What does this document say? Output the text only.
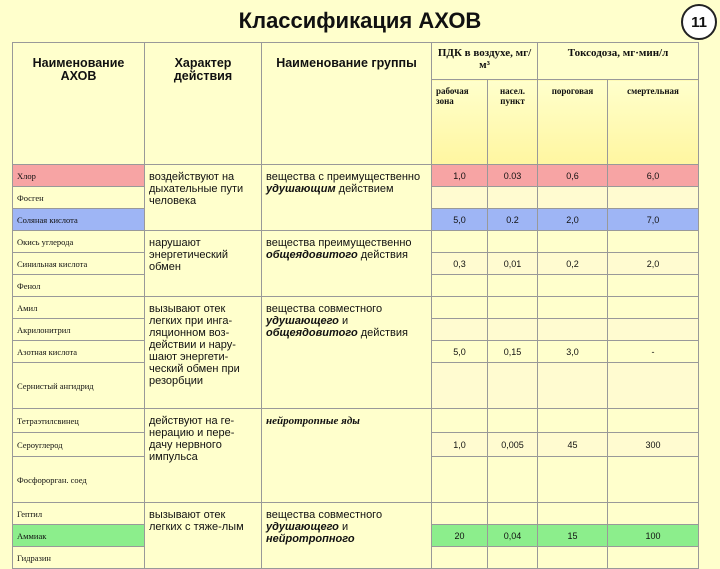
Классификация АХОВ	11
Наименование АХОВ	Характер действия	Наименование группы	ПДК в воздухе, мг/м³		Токсодоза, мг·мин/л	
			рабочая зона	насел. пункт	пороговая	смертельная
Хлор	воздействуют на дыхательные пути человека	вещества с преимущественно удушающим действием	1,0	0.03	0,6	6,0
Фосген						
Соляная кислота			5,0	0.2	2,0	7,0
Окись углерода	нарушают энергетический обмен	вещества преимущественно общеядовитого действия				
Синильная кислота			0,3	0,01	0,2	2,0
Фенол						
Амил	вызывают отек легких при инга-ляционном воз-действии и нару-шают энергети-ческий обмен при резорбции	вещества совместного удушающего и общеядовитого действия				
Акрилонитрил						
Азотная кислота			5,0	0,15	3,0	-
Сернистый ангидрид						
Тетраэтилсвинец	действуют на ге-нерацию и пере-дачу нервного импульса	нейротропные яды				
Сероуглерод			1,0	0,005	45	300
Фосфорорган. соед						
Гептил	вызывают отек легких с тяже-лым	вещества совместного удушающего и нейротропного				
Аммиак			20	0,04	15	100
Гидразин						
